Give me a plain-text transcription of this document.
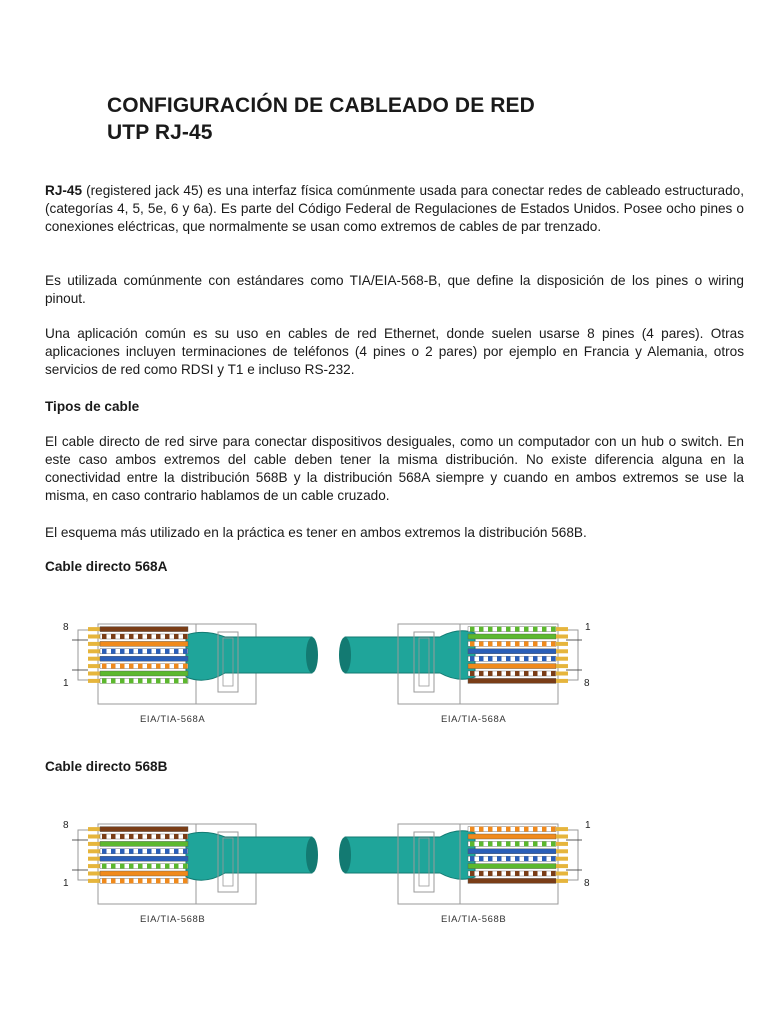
CONFIGURACIÓN DE CABLEADO DE RED
UTP RJ-45
RJ-45 (registered jack 45) es una interfaz física comúnmente usada para conectar redes de cableado estructurado, (categorías 4, 5, 5e, 6 y 6a). Es parte del Código Federal de Regulaciones de Estados Unidos. Posee ocho pines o conexiones eléctricas, que normalmente se usan como extremos de cables de par trenzado.
Es utilizada comúnmente con estándares como TIA/EIA-568-B, que define la disposición de los pines o wiring pinout.
Una aplicación común es su uso en cables de red Ethernet, donde suelen usarse 8 pines (4 pares). Otras aplicaciones incluyen terminaciones de teléfonos (4 pines o 2 pares) por ejemplo en Francia y Alemania, otros servicios de red como RDSI y T1 e incluso RS-232.
Tipos de cable
El cable directo de red sirve para conectar dispositivos desiguales, como un computador con un hub o switch. En este caso ambos extremos del cable deben tener la misma distribución. No existe diferencia alguna en la conectividad entre la distribución 568B y la distribución 568A siempre y cuando en ambos extremos se use la misma, en caso contrario hablamos de un cable cruzado.
El esquema más utilizado en la práctica es tener en ambos extremos la distribución 568B.
Cable directo 568A
8
1
1
8
EIA/TIA-568A	EIA/TIA-568A
Cable directo 568B
8
1
1
8
EIA/TIA-568B	EIA/TIA-568B
